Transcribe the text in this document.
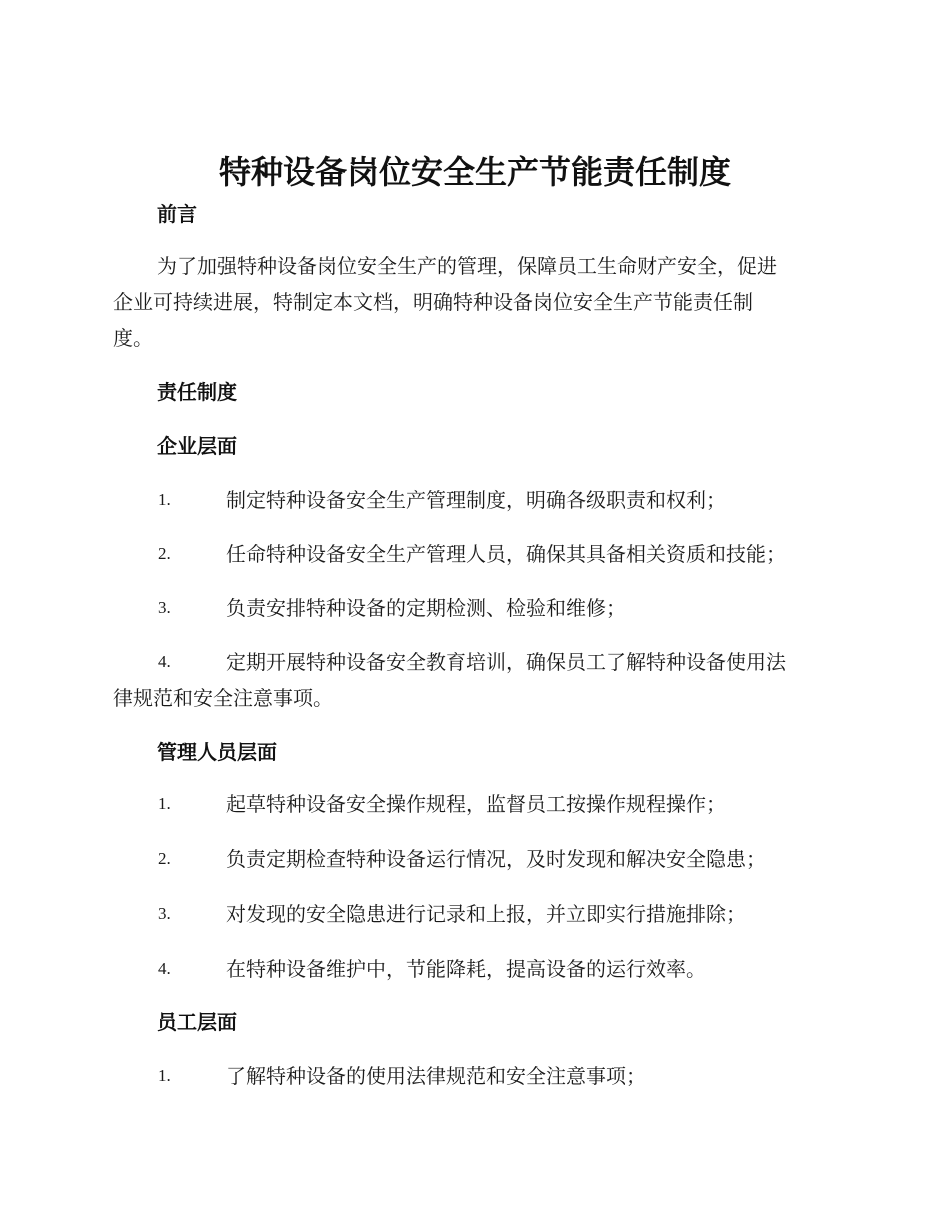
特种设备岗位安全生产节能责任制度
前言
为了加强特种设备岗位安全生产的管理，保障员工生命财产安全，促进
企业可持续进展，特制定本文档，明确特种设备岗位安全生产节能责任制
度。
责任制度
企业层面
1.	制定特种设备安全生产管理制度，明确各级职责和权利；
2.	任命特种设备安全生产管理人员，确保其具备相关资质和技能；
3.	负责安排特种设备的定期检测、检验和维修；
4.	定期开展特种设备安全教育培训，确保员工了解特种设备使用法
律规范和安全注意事项。
管理人员层面
1.	起草特种设备安全操作规程，监督员工按操作规程操作；
2.	负责定期检查特种设备运行情况，及时发现和解决安全隐患；
3.	对发现的安全隐患进行记录和上报，并立即实行措施排除；
4.	在特种设备维护中，节能降耗，提高设备的运行效率。
员工层面
1.	了解特种设备的使用法律规范和安全注意事项；
